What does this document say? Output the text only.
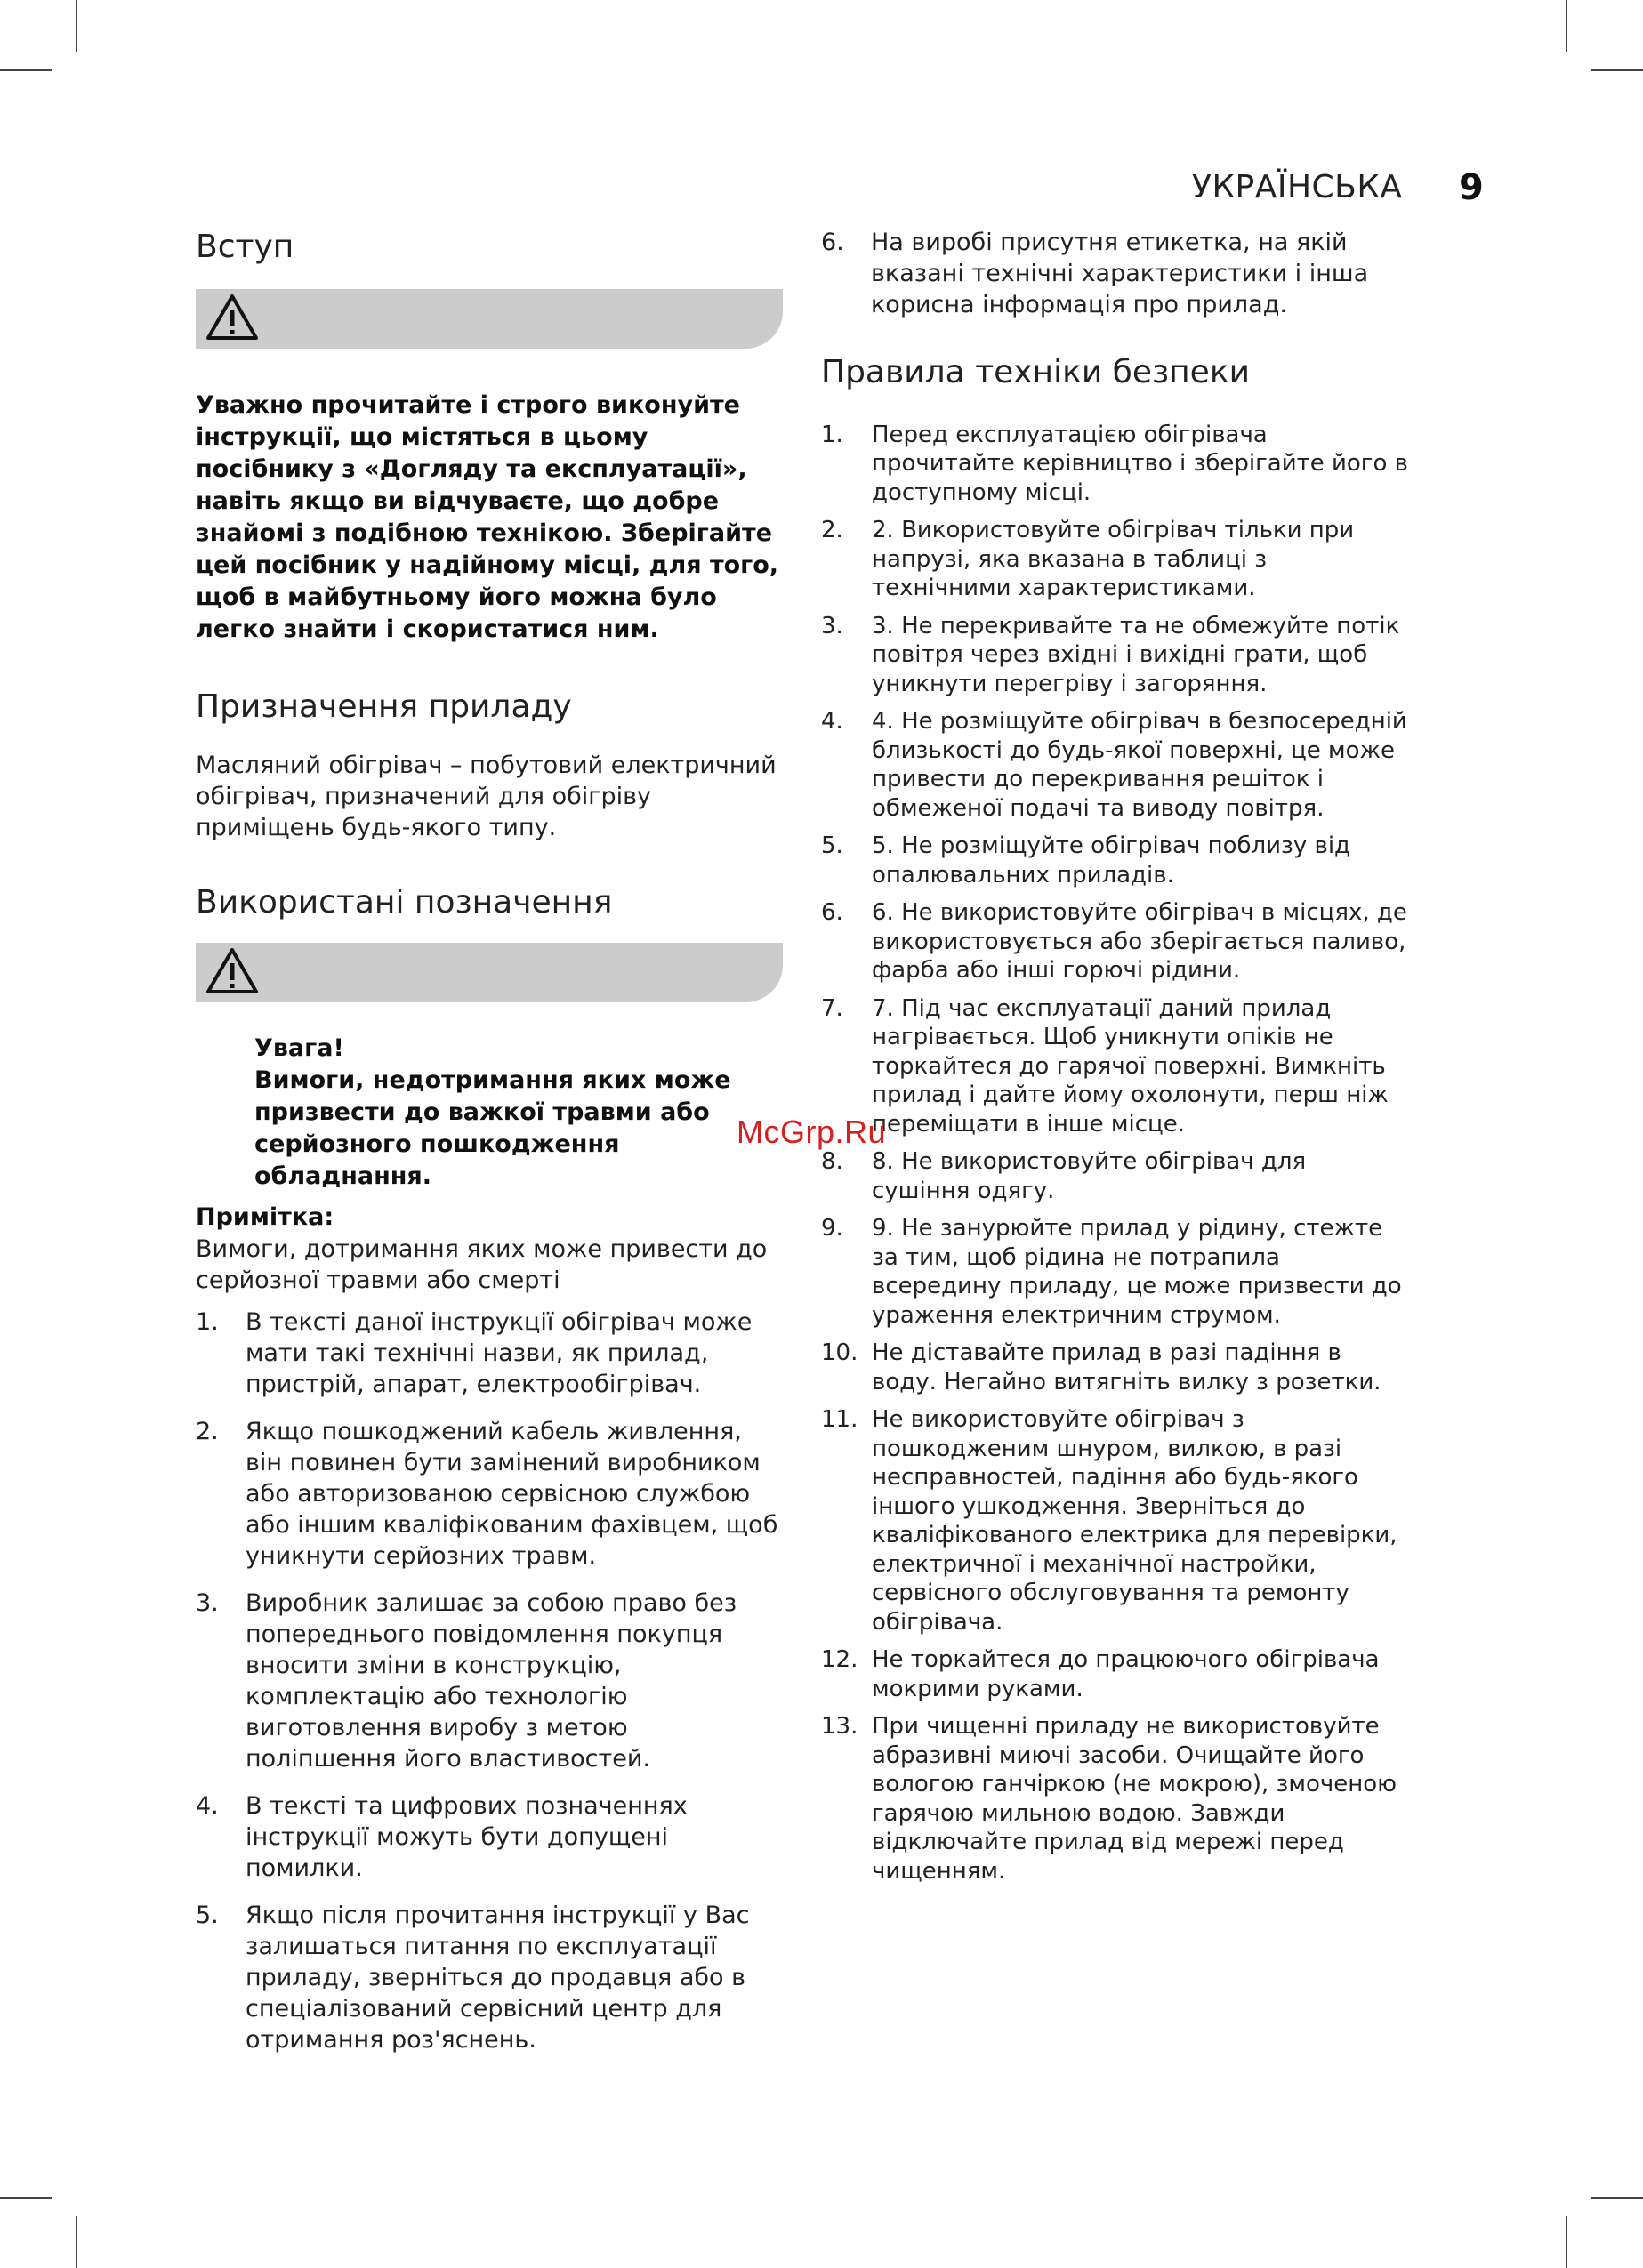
УКРАЇНСЬКА 9
Вступ
Уважно прочитайте і строго виконуйте інструкції, що містяться в цьому посібнику з «Догляду та експлуатації», навіть якщо ви відчуваєте, що добре знайомі з подібною технікою. Зберігайте цей посібник у надійному місці, для того, щоб в майбутньому його можна було легко знайти і скористатися ним.
Призначення приладу
Масляний обігрівач – побутовий електричний обігрівач, призначений для обігріву приміщень будь-якого типу.
Використані позначення
Увага!
Вимоги, недотримання яких може призвести до важкої травми або серйозного пошкодження обладнання.
Примітка:
Вимоги, дотримання яких може привести до серйозної травми або смерті
1.	В тексті даної інструкції обігрівач може мати такі технічні назви, як прилад, пристрій, апарат, електрообігрівач.
2.	Якщо пошкоджений кабель живлення, він повинен бути замінений виробником або авторизованою сервісною службою або іншим кваліфікованим фахівцем, щоб уникнути серйозних травм.
3.	Виробник залишає за собою право без попереднього повідомлення покупця вносити зміни в конструкцію, комплектацію або технологію виготовлення виробу з метою поліпшення його властивостей.
4.	В тексті та цифрових позначеннях інструкції можуть бути допущені помилки.
5.	Якщо після прочитання інструкції у Вас залишаться питання по експлуатації приладу, зверніться до продавця або в спеціалізований сервісний центр для отримання роз'яснень.
6.	На виробі присутня етикетка, на якій вказані технічні характеристики і інша корисна інформація про прилад.
Правила техніки безпеки
1.	Перед експлуатацією обігрівача прочитайте керівництво і зберігайте його в доступному місці.
2.	2. Використовуйте обігрівач тільки при напрузі, яка вказана в таблиці з технічними характеристиками.
3.	3. Не перекривайте та не обмежуйте потік повітря через вхідні і вихідні грати, щоб уникнути перегріву і загоряння.
4.	4. Не розміщуйте обігрівач в безпосередній близькості до будь-якої поверхні, це може привести до перекривання решіток і обмеженої подачі та виводу повітря.
5.	5. Не розміщуйте обігрівач поблизу від опалювальних приладів.
6.	6. Не використовуйте обігрівач в місцях, де використовується або зберігається паливо, фарба або інші горючі рідини.
7.	7. Під час експлуатації даний прилад нагрівається. Щоб уникнути опіків не торкайтеся до гарячої поверхні. Вимкніть прилад і дайте йому охолонути, перш ніж переміщати в інше місце.
8.	8. Не використовуйте обігрівач для сушіння одягу.
9.	9. Не занурюйте прилад у рідину, стежте за тим, щоб рідина не потрапила всередину приладу, це може призвести до ураження електричним струмом.
10. Не діставайте прилад в разі падіння в воду. Негайно витягніть вилку з розетки.
11. Не використовуйте обігрівач з пошкодженим шнуром, вилкою, в разі несправностей, падіння або будь-якого іншого ушкодження. Зверніться до кваліфікованого електрика для перевірки, електричної і механічної настройки, сервісного обслуговування та ремонту обігрівача.
12. Не торкайтеся до працюючого обігрівача мокрими руками.
13. При чищенні приладу не використовуйте абразивні миючі засоби. Очищайте його вологою ганчіркою (не мокрою), змоченою гарячою мильною водою. Завжди відключайте прилад від мережі перед чищенням.
McGrp.Ru
